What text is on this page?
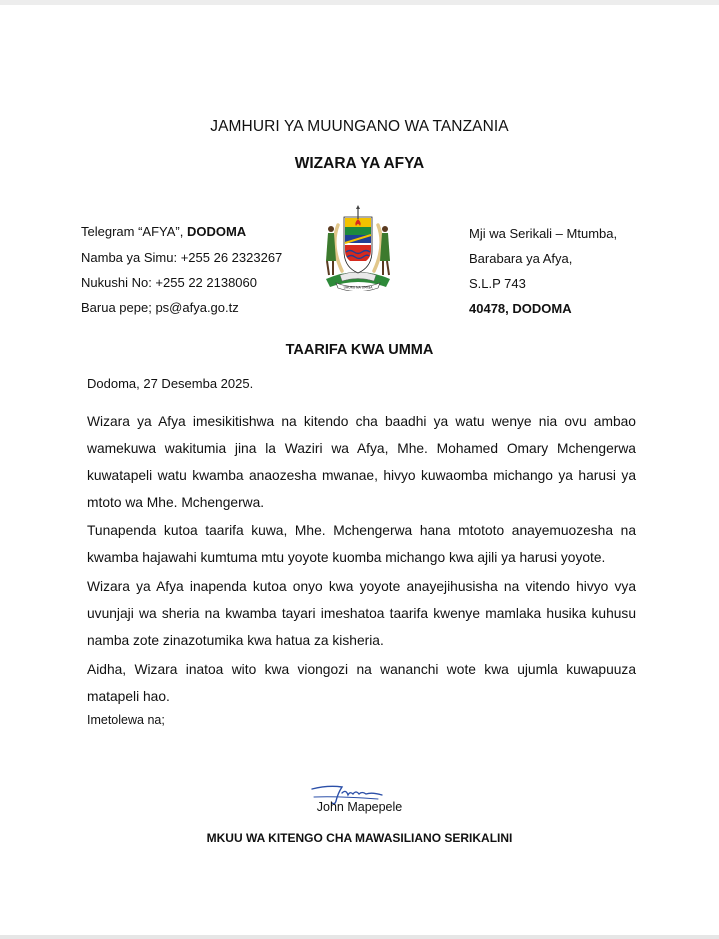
JAMHURI YA MUUNGANO WA TANZANIA
WIZARA YA AFYA
Telegram “AFYA”, DODOMA
Namba ya Simu: +255 26 2323267
Nukushi No: +255 22 2138060
Barua pepe; ps@afya.go.tz
UHURU NA UMOJA
Mji wa Serikali – Mtumba,
Barabara ya Afya,
S.L.P 743
40478, DODOMA
TAARIFA KWA UMMA
Dodoma, 27 Desemba 2025.
Wizara ya Afya imesikitishwa na kitendo cha baadhi ya watu wenye nia ovu ambao wamekuwa wakitumia jina la Waziri wa Afya, Mhe. Mohamed Omary Mchengerwa kuwatapeli watu kwamba anaozesha mwanae, hivyo kuwaomba michango ya harusi ya mtoto wa Mhe. Mchengerwa.
Tunapenda kutoa taarifa kuwa, Mhe. Mchengerwa hana mtototo anayemuozesha na kwamba hajawahi kumtuma mtu yoyote kuomba michango kwa ajili ya harusi yoyote.
Wizara ya Afya inapenda kutoa onyo kwa yoyote anayejihusisha na vitendo hivyo vya uvunjaji wa sheria na kwamba tayari imeshatoa taarifa kwenye mamlaka husika kuhusu namba zote zinazotumika kwa hatua za kisheria.
Aidha, Wizara inatoa wito kwa viongozi na wananchi wote kwa ujumla kuwapuuza matapeli hao.
Imetolewa na;
John Mapepele
MKUU WA KITENGO CHA MAWASILIANO SERIKALINI
